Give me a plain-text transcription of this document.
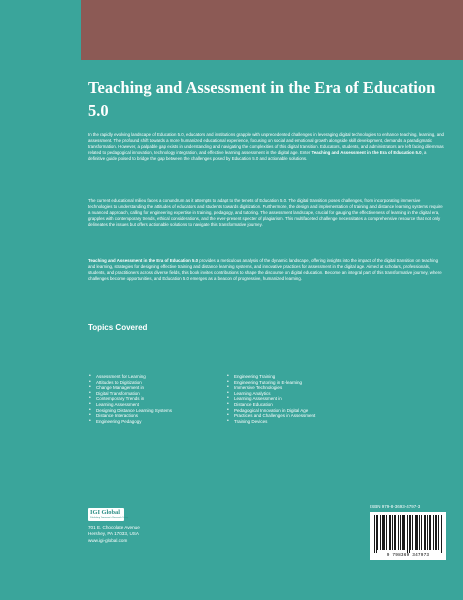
Teaching and Assessment in the Era of Education 5.0
In the rapidly evolving landscape of Education 5.0, educators and institutions grapple with unprecedented challenges in leveraging digital technologies to enhance teaching, learning, and assessment. The profound shift towards a more humanized educational experience, focusing on social and emotional growth alongside skill development, demands a paradigmatic transformation. However, a palpable gap exists in understanding and navigating the complexities of this digital transition. Educators, students, and administrators are left facing dilemmas related to pedagogical innovation, technology integration, and effective learning assessment in the digital age. Enter Teaching and Assessment in the Era of Education 5.0, a definitive guide poised to bridge the gap between the challenges posed by Education 5.0 and actionable solutions.
The current educational milieu faces a conundrum as it attempts to adapt to the tenets of Education 5.0. The digital transition poses challenges, from incorporating immersive technologies to understanding the attitudes of educators and students towards digitization. Furthermore, the design and implementation of training and distance learning systems require a nuanced approach, calling for engineering expertise in training, pedagogy, and tutoring. The assessment landscape, crucial for gauging the effectiveness of learning in the digital era, grapples with contemporary trends, ethical considerations, and the ever-present specter of plagiarism. This multifaceted challenge necessitates a comprehensive resource that not only delineates the issues but offers actionable solutions to navigate this transformative journey.
Teaching and Assessment in the Era of Education 5.0 provides a meticulous analysis of the dynamic landscape, offering insights into the impact of the digital transition on teaching and learning, strategies for designing effective training and distance learning systems, and innovative practices for assessment in the digital age. Aimed at scholars, professionals, students, and practitioners across diverse fields, this book invites contributions to shape the discourse on digital education. Become an integral part of this transformative journey, where challenges become opportunities, and Education 5.0 emerges as a beacon of progressive, humanized learning.
Topics Covered
• Assessment for Learning
• Attitudes to Digitization
• Change Management in
• Digital Transformation
• Contemporary Trends in
• Learning Assessment
• Designing Distance Learning Systems
• Distance Interactions
• Engineering Pedagogy
• Engineering Training
• Engineering Tutoring in E-learning
• Immersive Technologies
• Learning Analytics
• Learning Assessment in
• Distance Education
• Pedagogical Innovation in Digital Age
• Practices and Challenges in Assessment
• Training Devices
IGI Global
Publishing Tomorrow's Research Today
701 E. Chocolate Avenue
Hershey, PA 17033, USA
www.igi-global.com
ISBN 979-8-3693-4797-3
9 798369 347973
